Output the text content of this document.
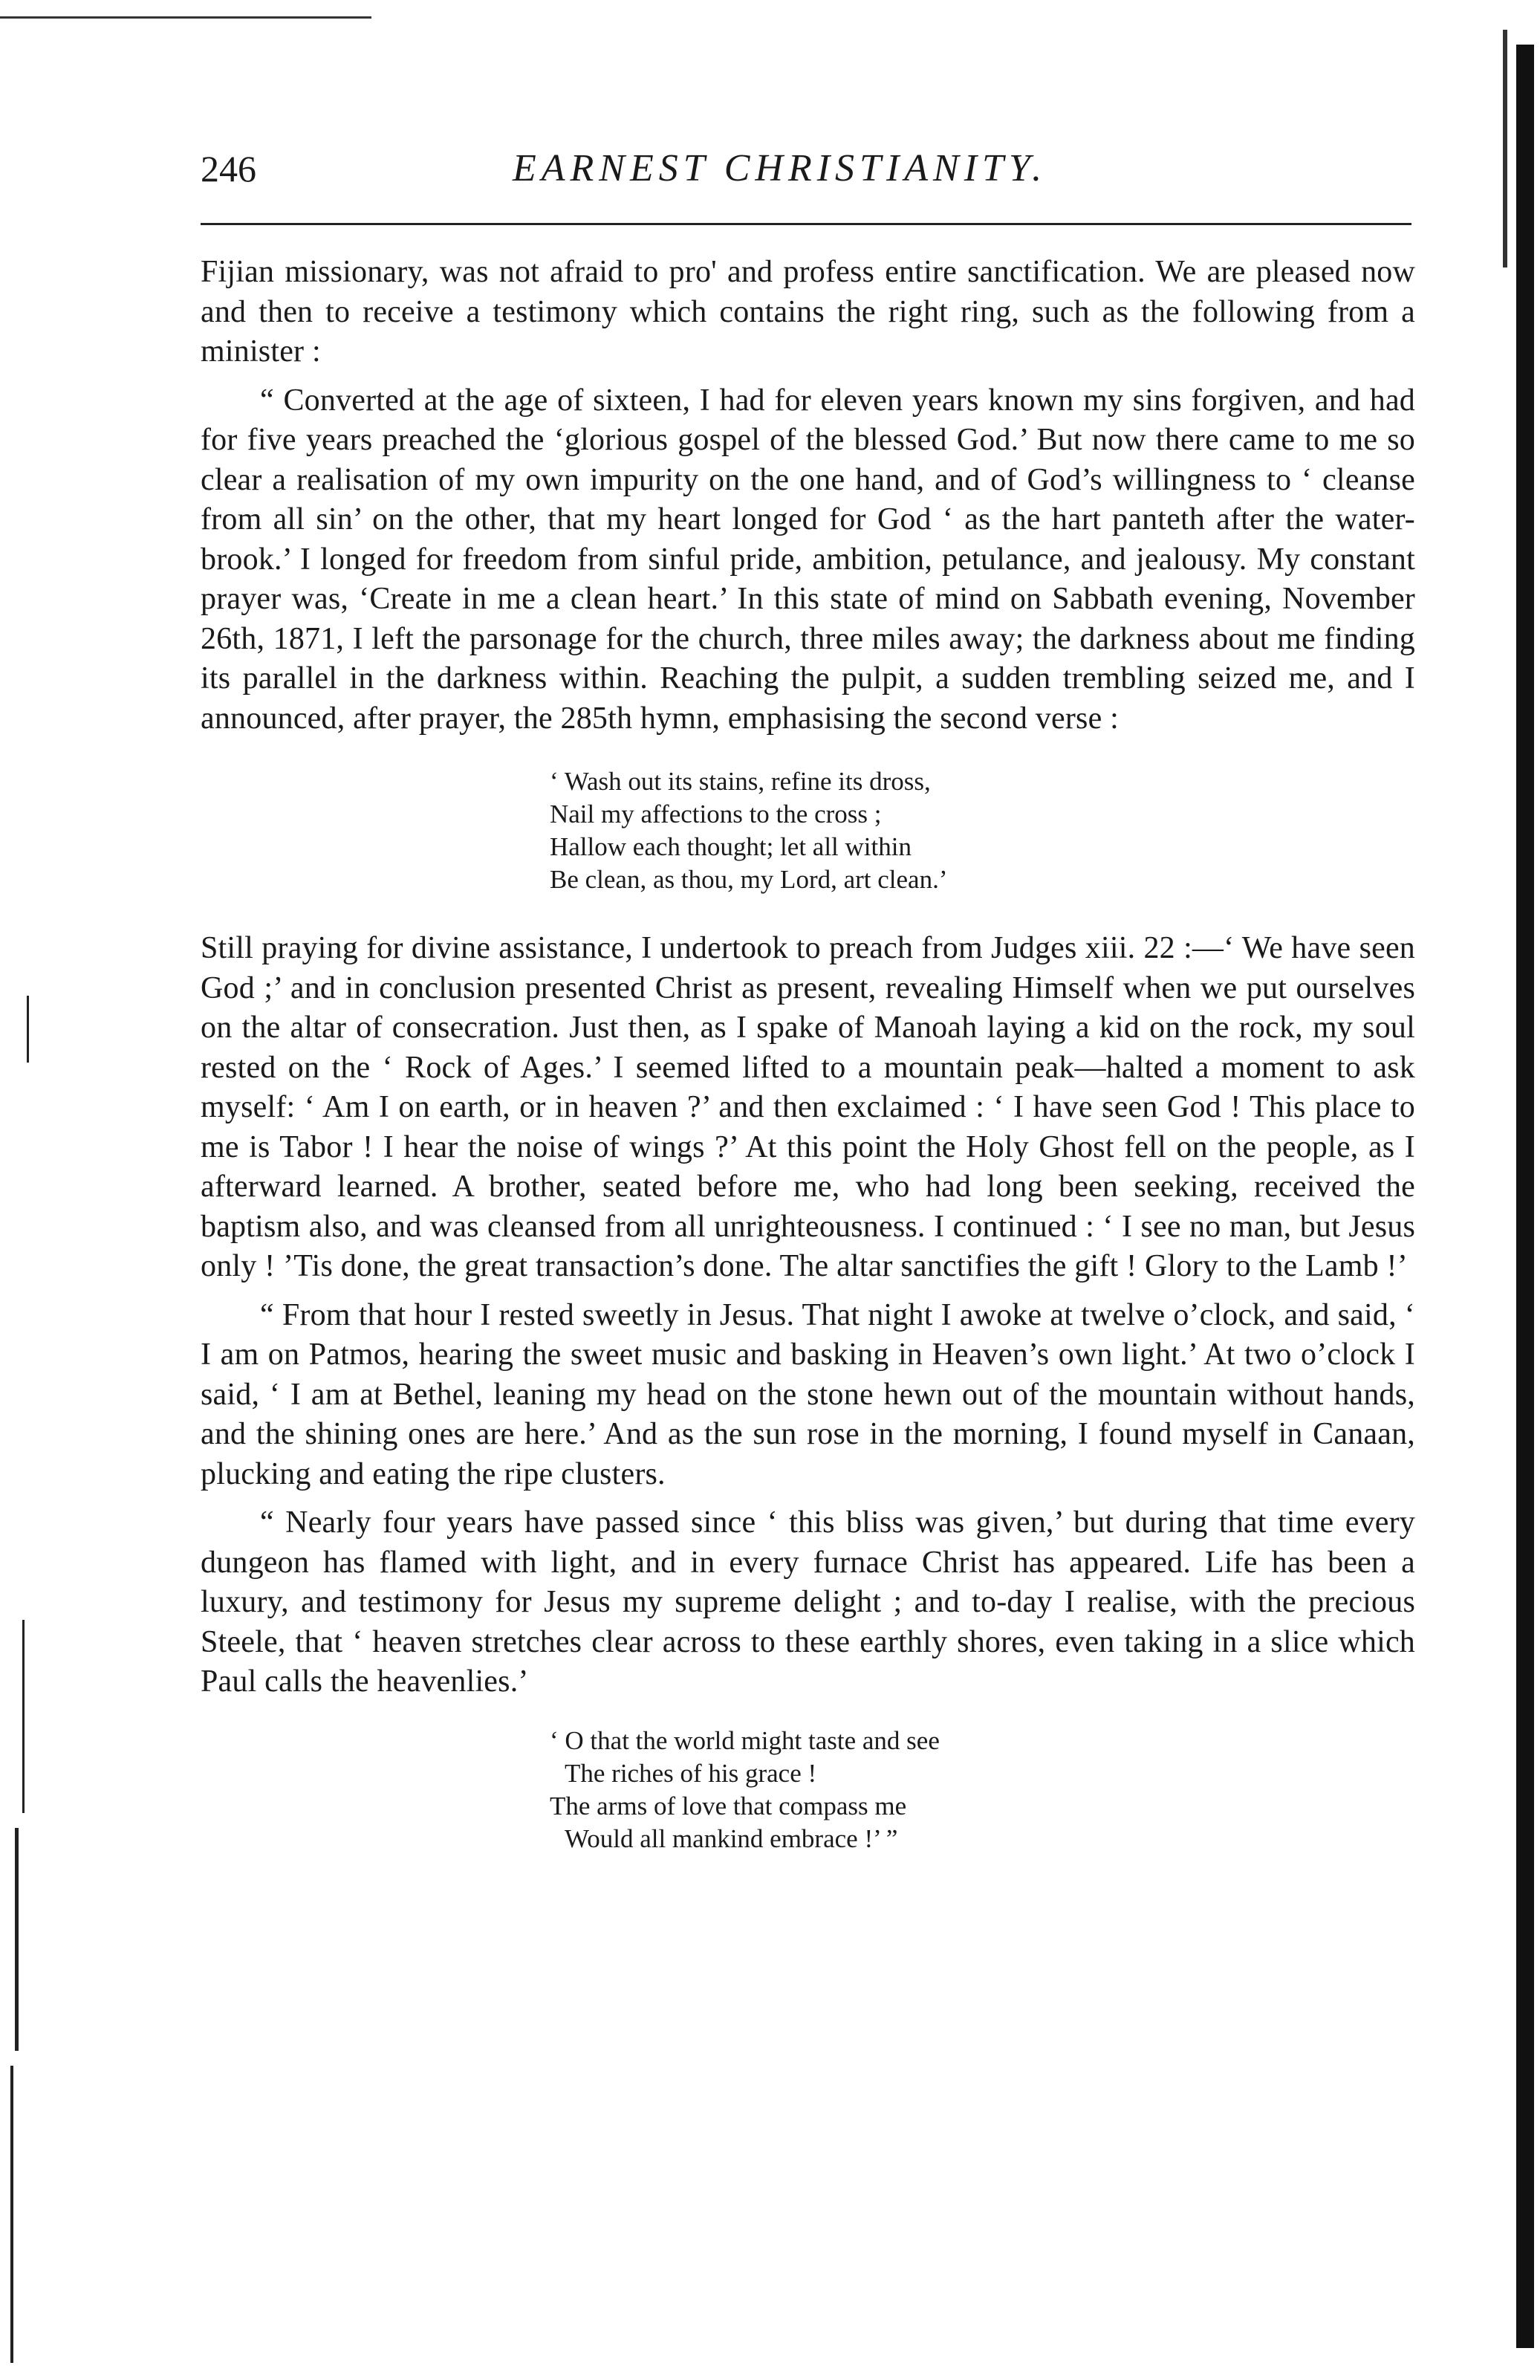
246	EARNEST CHRISTIANITY.

Fijian missionary, was not afraid to pro' and profess entire sanctification. We are pleased now and then to receive a testimony which contains the right ring, such as the following from a minister :

“ Converted at the age of sixteen, I had for eleven years known my sins forgiven, and had for five years preached the ‘glorious gospel of the blessed God.’ But now there came to me so clear a realisation of my own impurity on the one hand, and of God’s willingness to ‘ cleanse from all sin’ on the other, that my heart longed for God ‘ as the hart panteth after the water-brook.’ I longed for freedom from sinful pride, ambition, petulance, and jealousy. My constant prayer was, ‘Create in me a clean heart.’ In this state of mind on Sabbath evening, November 26th, 1871, I left the parsonage for the church, three miles away; the darkness about me finding its parallel in the darkness within. Reaching the pulpit, a sudden trembling seized me, and I announced, after prayer, the 285th hymn, emphasising the second verse :

‘ Wash out its stains, refine its dross,
Nail my affections to the cross ;
Hallow each thought; let all within
Be clean, as thou, my Lord, art clean.’

Still praying for divine assistance, I undertook to preach from Judges xiii. 22 :—‘ We have seen God ;’ and in conclusion presented Christ as present, revealing Himself when we put ourselves on the altar of consecration. Just then, as I spake of Manoah laying a kid on the rock, my soul rested on the ‘ Rock of Ages.’ I seemed lifted to a mountain peak—halted a moment to ask myself: ‘ Am I on earth, or in heaven ?’ and then exclaimed : ‘ I have seen God ! This place to me is Tabor ! I hear the noise of wings ?’ At this point the Holy Ghost fell on the people, as I afterward learned. A brother, seated before me, who had long been seeking, received the baptism also, and was cleansed from all unrighteousness. I continued : ‘ I see no man, but Jesus only ! ’Tis done, the great transaction’s done. The altar sanctifies the gift ! Glory to the Lamb !’

“ From that hour I rested sweetly in Jesus. That night I awoke at twelve o’clock, and said, ‘ I am on Patmos, hearing the sweet music and basking in Heaven’s own light.’ At two o’clock I said, ‘ I am at Bethel, leaning my head on the stone hewn out of the mountain without hands, and the shining ones are here.’ And as the sun rose in the morning, I found myself in Canaan, plucking and eating the ripe clusters.

“ Nearly four years have passed since ‘ this bliss was given,’ but during that time every dungeon has flamed with light, and in every furnace Christ has appeared. Life has been a luxury, and testimony for Jesus my supreme delight ; and to-day I realise, with the precious Steele, that ‘ heaven stretches clear across to these earthly shores, even taking in a slice which Paul calls the heavenlies.’

‘ O that the world might taste and see
The riches of his grace !
The arms of love that compass me
Would all mankind embrace !’ ”
